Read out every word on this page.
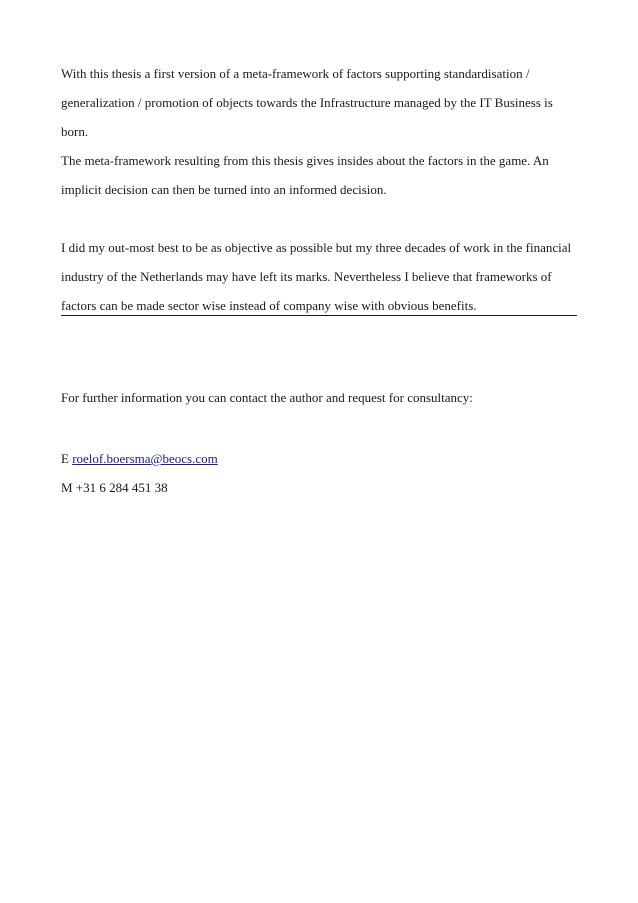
With this thesis a first version of a meta-framework of factors supporting standardisation /
generalization / promotion of objects towards the Infrastructure managed by the IT Business is
born.

The meta-framework resulting from this thesis gives insides about the factors in the game. An
implicit decision can then be turned into an informed decision.

I did my out-most best to be as objective as possible but my three decades of work in the financial
industry of the Netherlands may have left its marks. Nevertheless I believe that frameworks of
factors can be made sector wise instead of company wise with obvious benefits.

For further information you can contact the author and request for consultancy:
E roelof.boersma@beocs.com
M +31 6 284 451 38
